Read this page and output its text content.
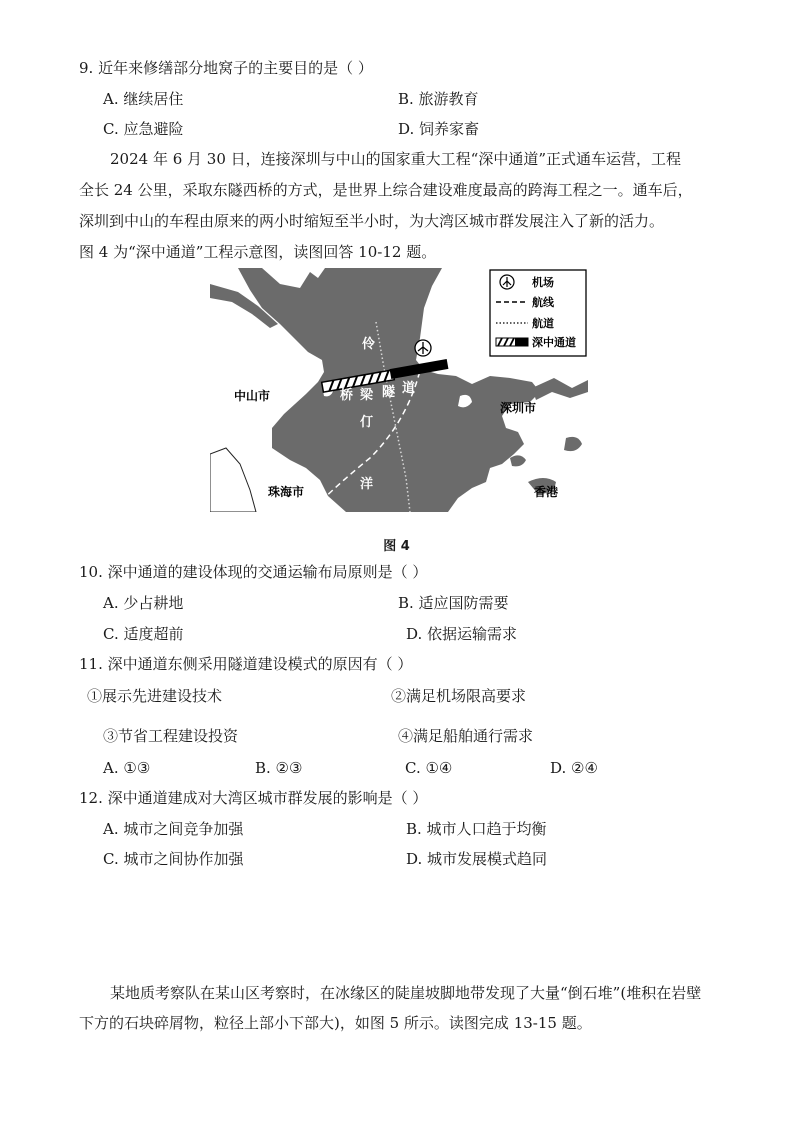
9. 近年来修缮部分地窝子的主要目的是（ ）
A. 继续居住	B. 旅游教育
C. 应急避险	D. 饲养家畜

2024 年 6 月 30 日，连接深圳与中山的国家重大工程“深中通道”正式通车运营，工程

全长 24 公里，采取东隧西桥的方式，是世界上综合建设难度最高的跨海工程之一。通车后，

深圳到中山的车程由原来的两小时缩短至半小时，为大湾区城市群发展注入了新的活力。

图 4 为“深中通道”工程示意图，读图回答 10-12 题。

伶
仃
洋
桥 梁 隧 道
中山市
深圳市
珠海市	香港
机场
航线
航道
深中通道
图 4
10. 深中通道的建设体现的交通运输布局原则是（ ）
A. 少占耕地	B. 适应国防需要
C. 适度超前	D. 依据运输需求
11. 深中通道东侧采用隧道建设模式的原因有（ ）
①展示先进建设技术	②满足机场限高要求
③节省工程建设投资	④满足船舶通行需求
A. ①③	B. ②③	C. ①④	D. ②④
12. 深中通道建成对大湾区城市群发展的影响是（ ）
A. 城市之间竞争加强	B. 城市人口趋于均衡
C. 城市之间协作加强	D. 城市发展模式趋同

某地质考察队在某山区考察时，在冰缘区的陡崖坡脚地带发现了大量“倒石堆”(堆积在岩壁

下方的石块碎屑物，粒径上部小下部大)，如图 5 所示。读图完成 13-15 题。
